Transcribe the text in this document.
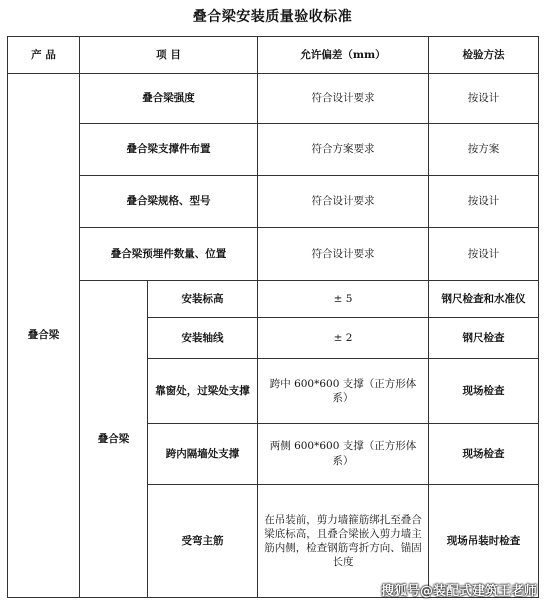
叠合梁安装质量验收标准
产 品	项 目		允许偏差（mm）	检验方法
叠合梁	叠合梁强度		符合设计要求	按设计
	叠合梁支撑件布置		符合方案要求	按方案
	叠合梁规格、型号		符合设计要求	按设计
	叠合梁预埋件数量、位置		符合设计要求	按设计
	叠合梁	安装标高	± 5	钢尺检查和水准仪
		安装轴线	± 2	钢尺检查
		靠窗处，过梁处支撑	跨中 600*600 支撑（正方形体系）	现场检查
		跨内隔墙处支撑	两侧 600*600 支撑（正方形体系）	现场检查
		受弯主筋	在吊装前，剪力墙箍筋绑扎至叠合梁底标高，且叠合梁嵌入剪力墙主筋内侧，检查钢筋弯折方向、锚固长度	现场吊装时检查
搜狐号@装配式建筑王老师
